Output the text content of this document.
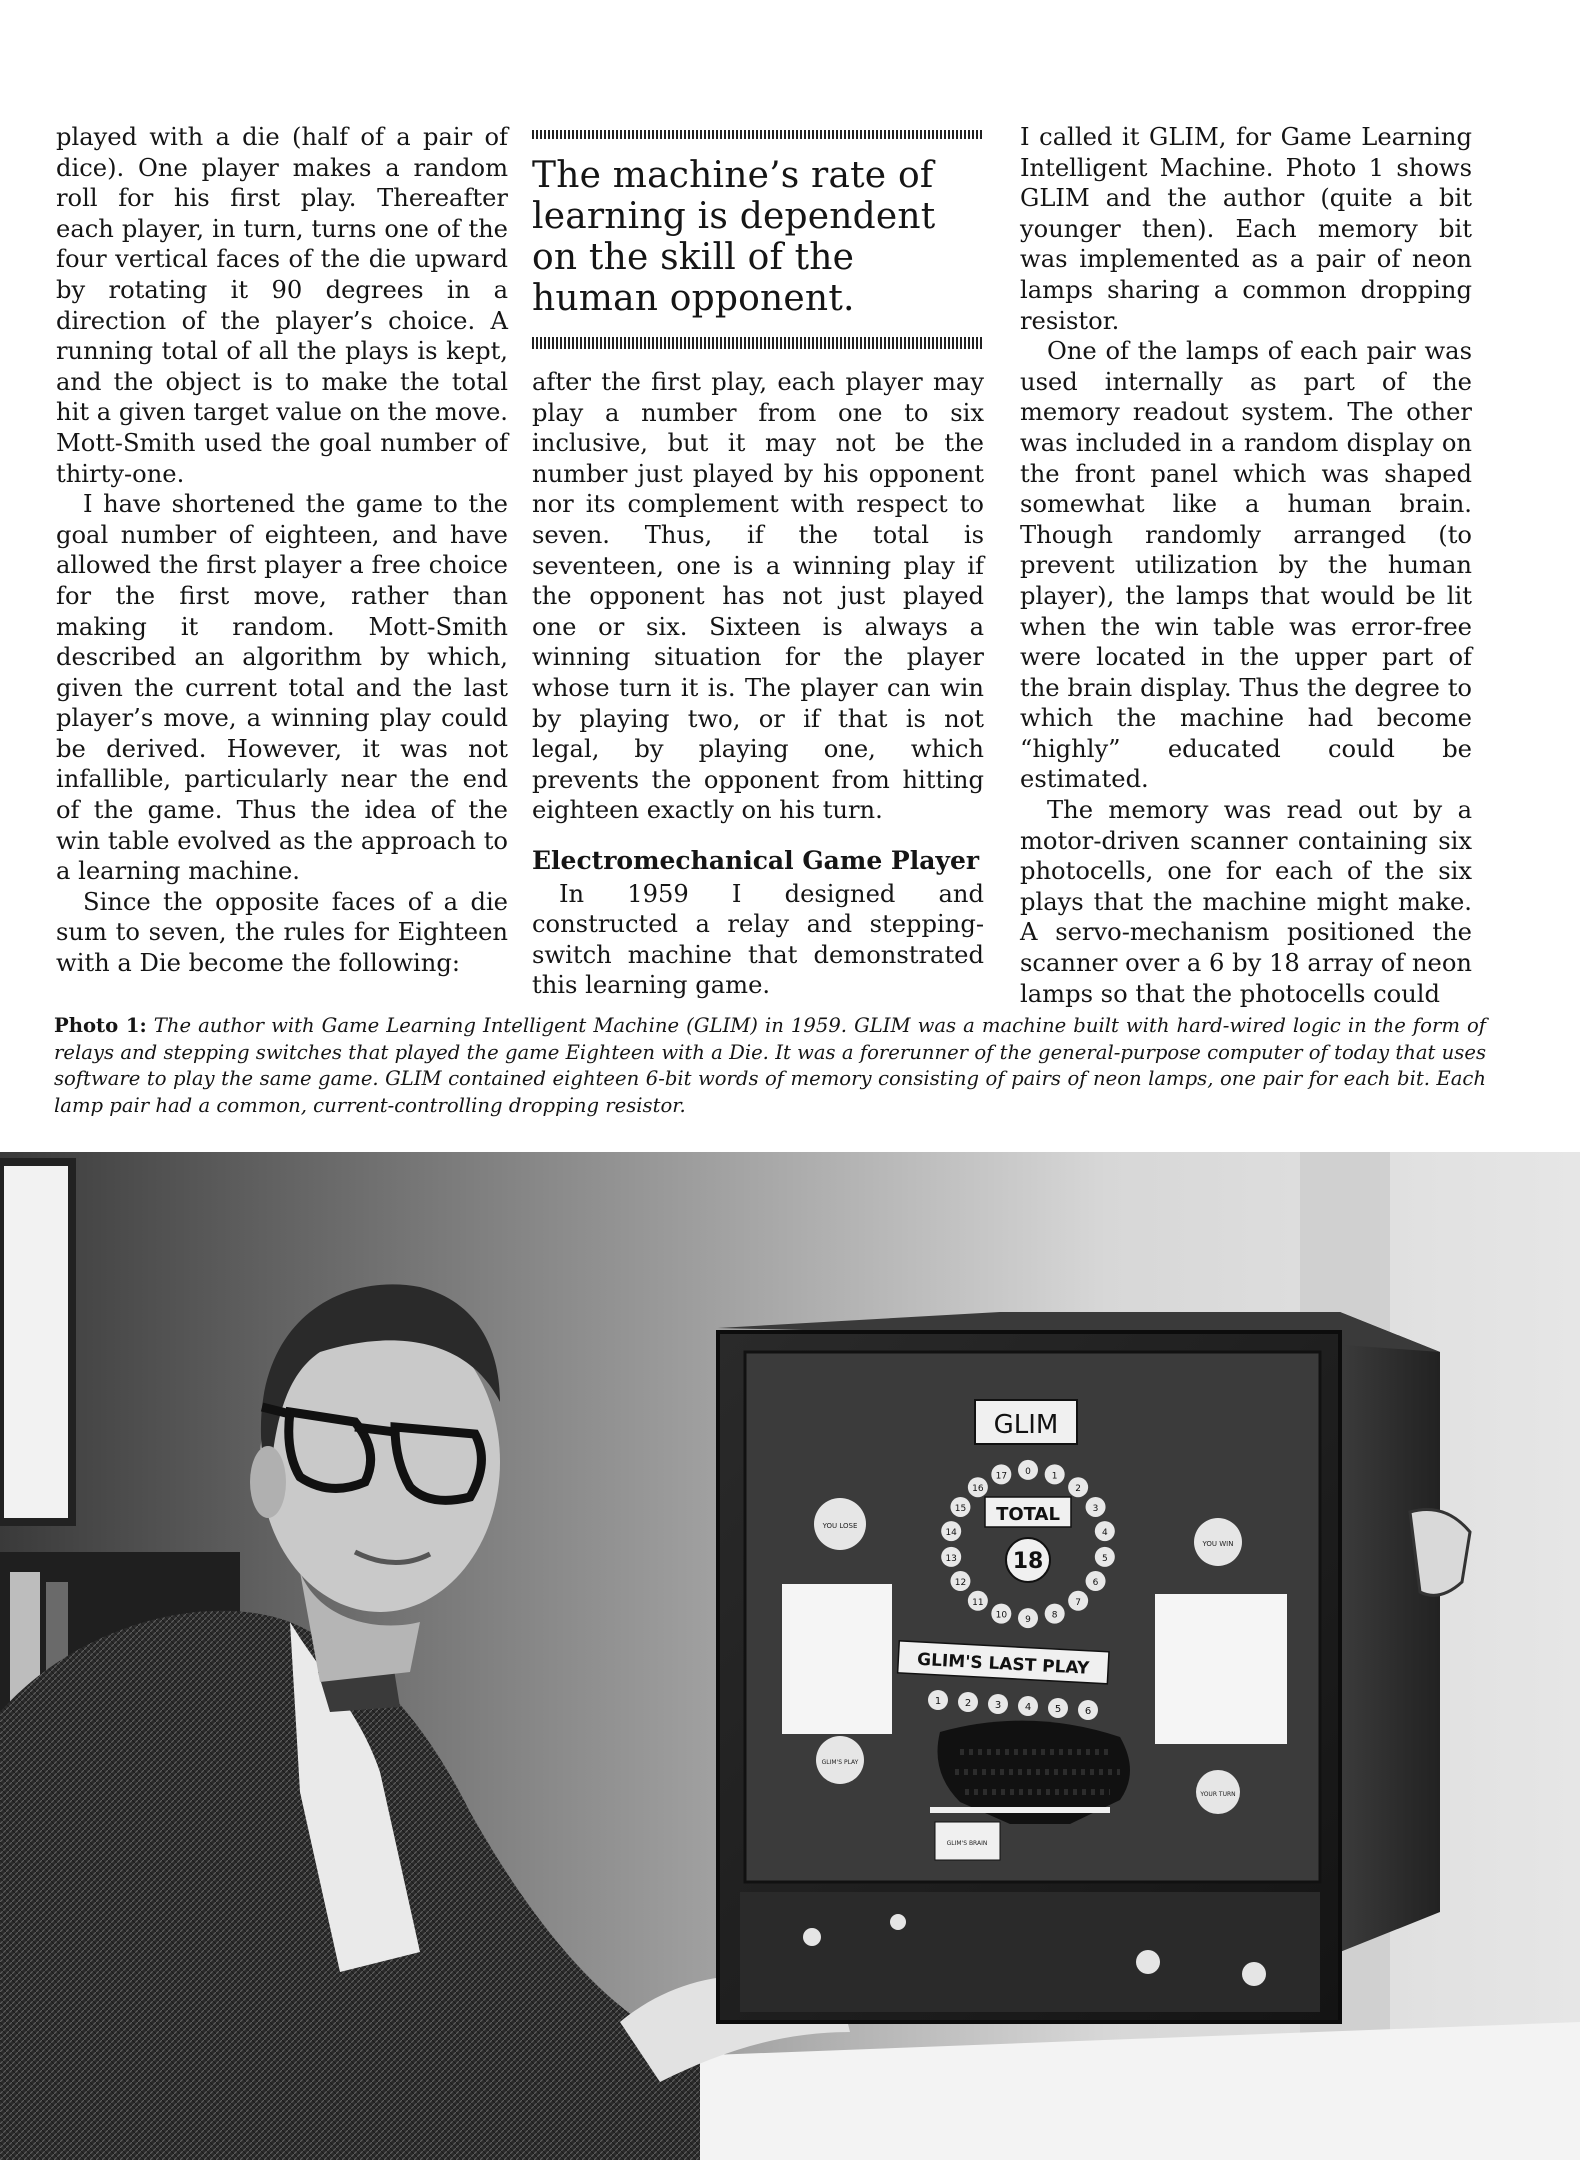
played with a die (half of a pair of dice). One player makes a random roll for his first play. Thereafter each player, in turn, turns one of the four vertical faces of the die upward by rotating it 90 degrees in a direction of the player’s choice. A running total of all the plays is kept, and the object is to make the total hit a given target value on the move. Mott-Smith used the goal number of thirty-one.

I have shortened the game to the goal number of eighteen, and have allowed the first player a free choice for the first move, rather than making it random. Mott-Smith described an algorithm by which, given the current total and the last player’s move, a winning play could be derived. However, it was not infallible, particularly near the end of the game. Thus the idea of the win table evolved as the approach to a learning machine.

Since the opposite faces of a die sum to seven, the rules for Eighteen with a Die become the following:

The machine’s rate of learning is dependent on the skill of the human opponent.

after the first play, each player may play a number from one to six inclusive, but it may not be the number just played by his opponent nor its complement with respect to seven. Thus, if the total is seventeen, one is a winning play if the opponent has not just played one or six. Sixteen is always a winning situation for the player whose turn it is. The player can win by playing two, or if that is not legal, by playing one, which prevents the opponent from hitting eighteen exactly on his turn.

Electromechanical Game Player

In 1959 I designed and constructed a relay and stepping-switch machine that demonstrated this learning game.

I called it GLIM, for Game Learning Intelligent Machine. Photo 1 shows GLIM and the author (quite a bit younger then). Each memory bit was implemented as a pair of neon lamps sharing a common dropping resistor.

One of the lamps of each pair was used internally as part of the memory readout system. The other was included in a random display on the front panel which was shaped somewhat like a human brain. Though randomly arranged (to prevent utilization by the human player), the lamps that would be lit when the win table was error-free were located in the upper part of the brain display. Thus the degree to which the machine had become “highly” educated could be estimated.

The memory was read out by a motor-driven scanner containing six photocells, one for each of the six plays that the machine might make. A servo-mechanism positioned the scanner over a 6 by 18 array of neon lamps so that the photocells could

Photo 1: The author with Game Learning Intelligent Machine (GLIM) in 1959. GLIM was a machine built with hard-wired logic in the form of relays and stepping switches that played the game Eighteen with a Die. It was a forerunner of the general-purpose computer of today that uses software to play the same game. GLIM contained eighteen 6-bit words of memory consisting of pairs of neon lamps, one pair for each bit. Each lamp pair had a common, current-controlling dropping resistor.
GLIM
TOTAL
18
0 1
2
3
4
5
6
7
8
9
10
11
12
13
14
15
16
17
YOU LOSE
YOU WIN
GLIM'S PLAY
YOUR TURN
GLIM'S LAST PLAY
1 2 3 4 5 6
GLIM'S BRAIN
